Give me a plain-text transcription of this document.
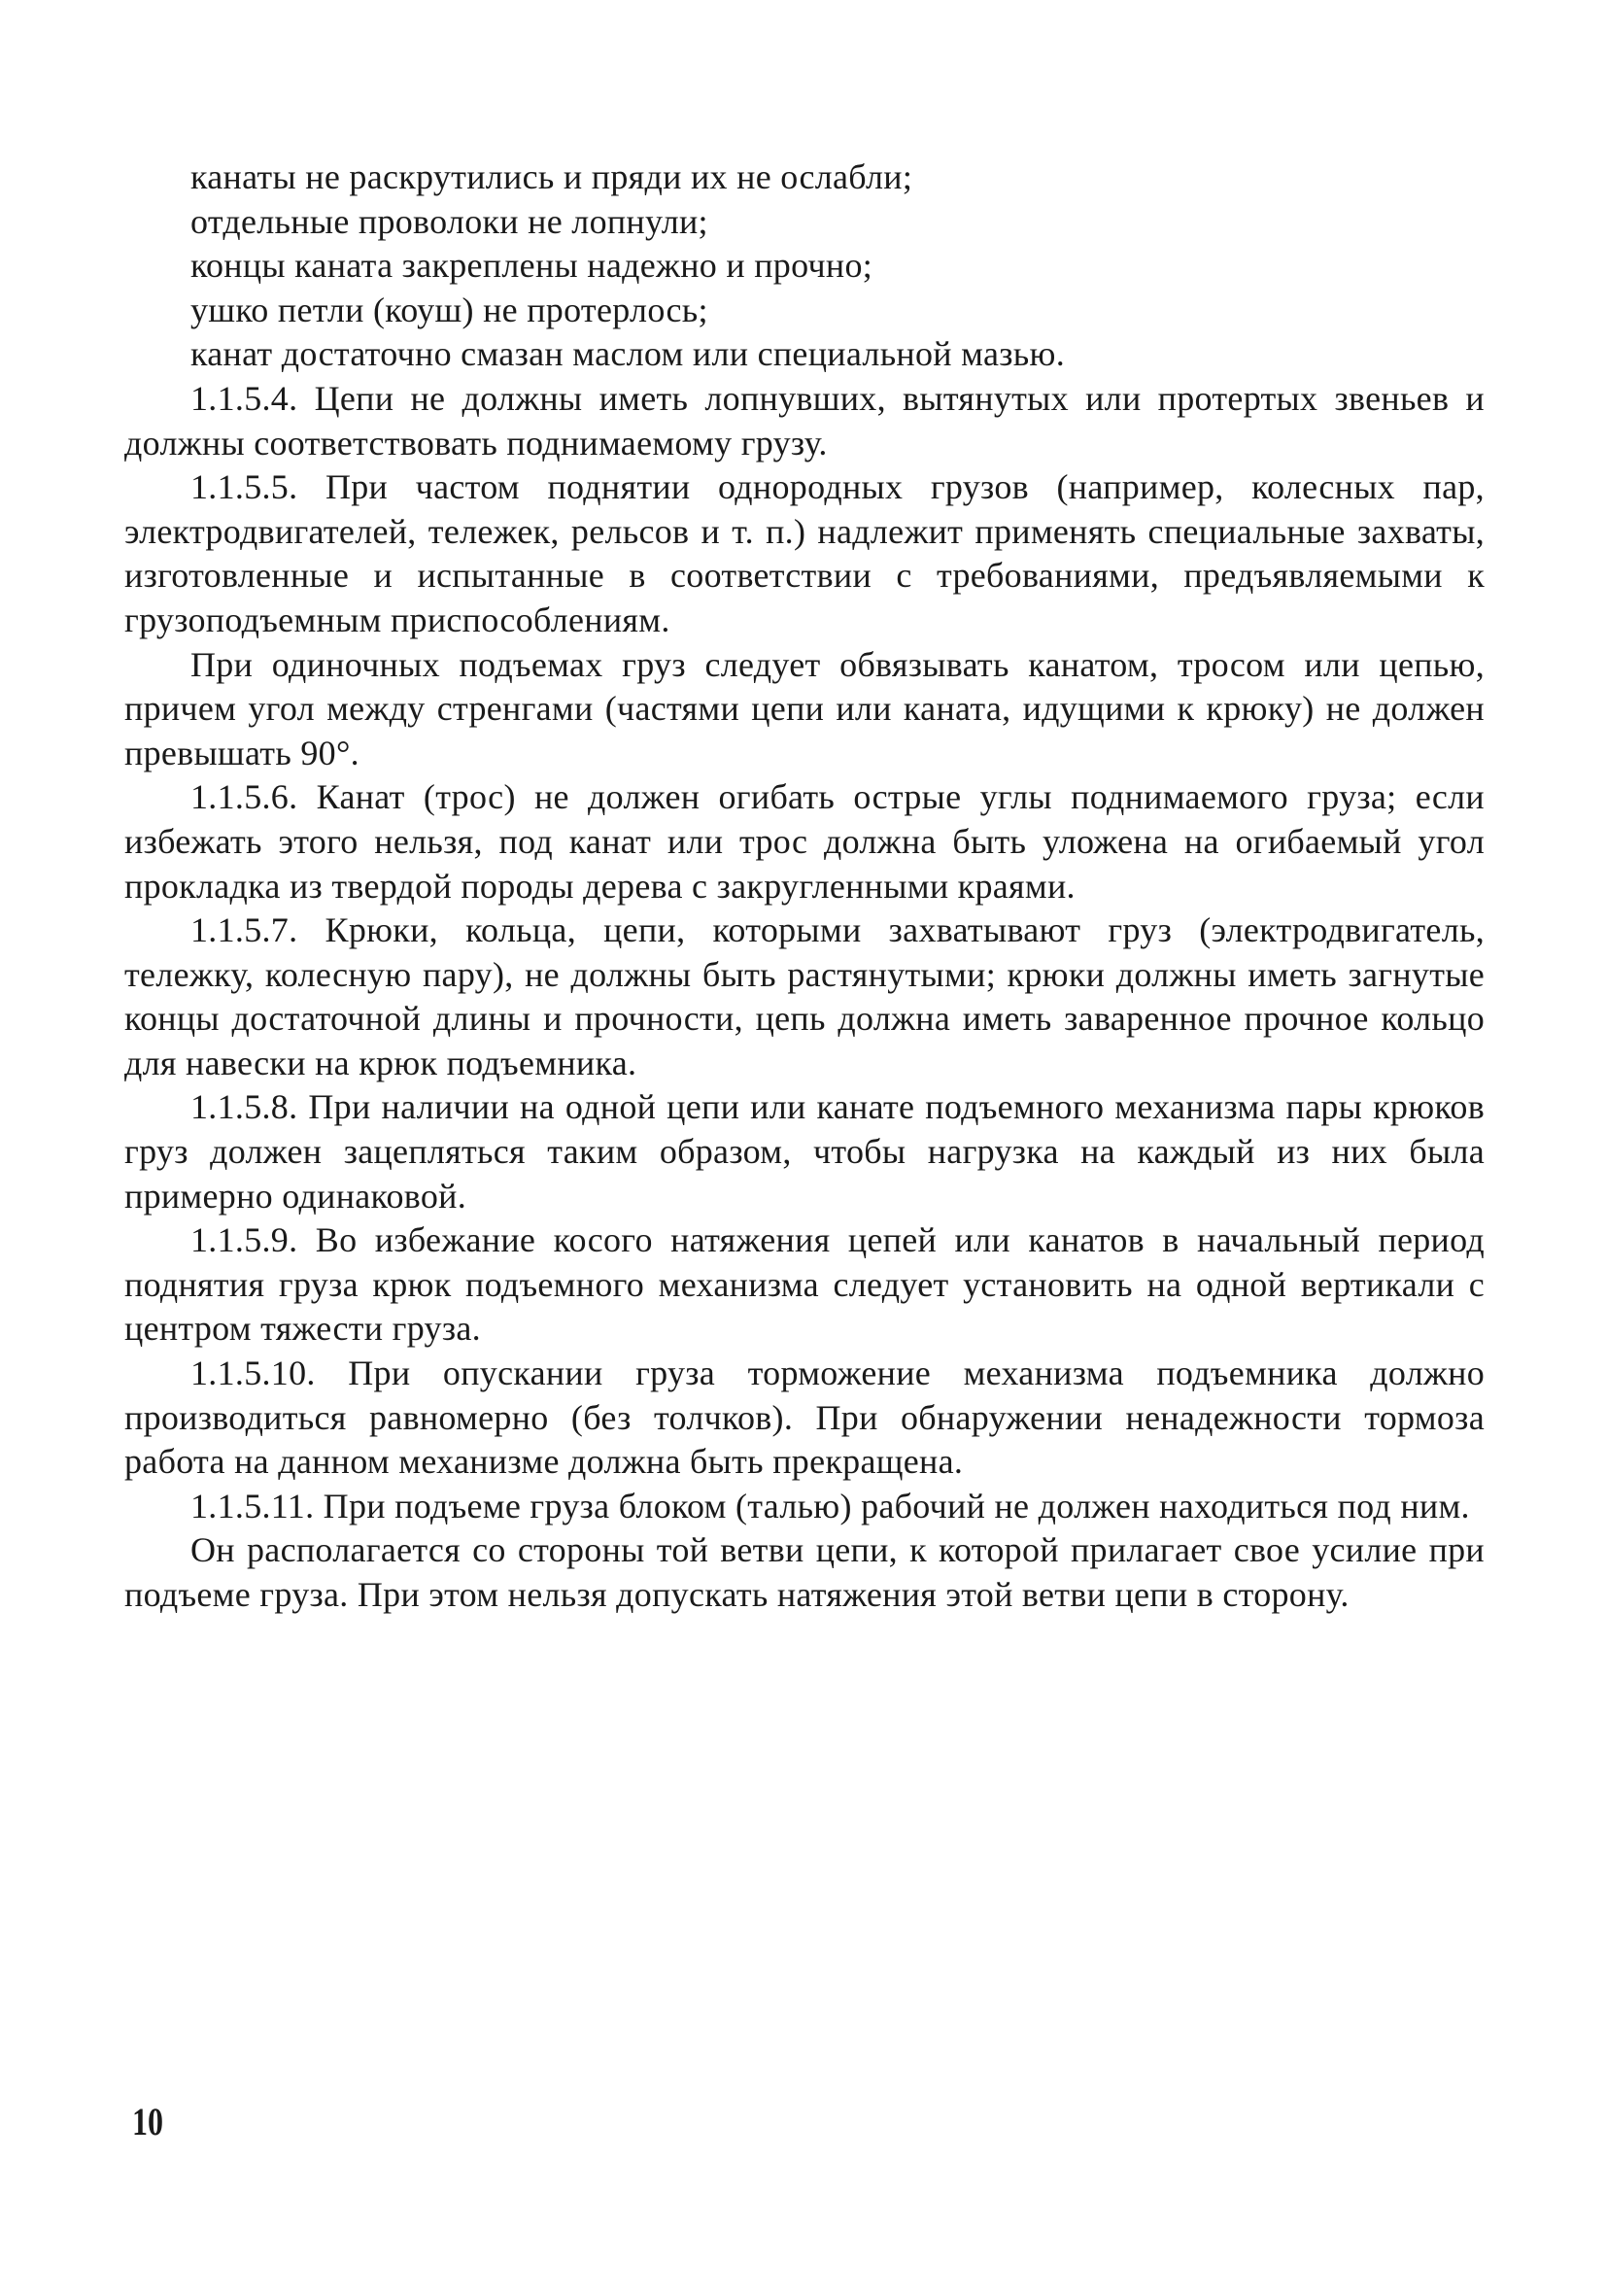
канаты не раскрутились и пряди их не ослабли;

отдельные проволоки не лопнули;

концы каната закреплены надежно и прочно;

ушко петли (коуш) не протерлось;

канат достаточно смазан маслом или специальной мазью.

1.1.5.4. Цепи не должны иметь лопнувших, вытянутых или протертых звеньев и должны соответствовать поднимаемому грузу.

1.1.5.5. При частом поднятии однородных грузов (например, колесных пар, электродвигателей, тележек, рельсов и т. п.) надлежит применять специальные захваты, изготовленные и испытанные в соответствии с требованиями, предъявляемыми к грузоподъемным приспособлениям.

При одиночных подъемах груз следует обвязывать канатом, тросом или цепью, причем угол между стренгами (частями цепи или каната, идущими к крюку) не должен превышать 90°.

1.1.5.6. Канат (трос) не должен огибать острые углы поднимаемого груза; если избежать этого нельзя, под канат или трос должна быть уложена на огибаемый угол прокладка из твердой породы дерева с закругленными краями.

1.1.5.7. Крюки, кольца, цепи, которыми захватывают груз (электродвигатель, тележку, колесную пару), не должны быть растянутыми; крюки должны иметь загнутые концы достаточной длины и прочности, цепь должна иметь заваренное прочное кольцо для навески на крюк подъемника.

1.1.5.8. При наличии на одной цепи или канате подъемного механизма пары крюков груз должен зацепляться таким образом, чтобы нагрузка на каждый из них была примерно одинаковой.

1.1.5.9. Во избежание косого натяжения цепей или канатов в начальный период поднятия груза крюк подъемного механизма следует установить на одной вертикали с центром тяжести груза.

1.1.5.10. При опускании груза торможение механизма подъемника должно производиться равномерно (без толчков). При обнаружении ненадежности тормоза работа на данном механизме должна быть прекращена.

1.1.5.11. При подъеме груза блоком (талью) рабочий не должен находиться под ним.

Он располагается со стороны той ветви цепи, к которой прилагает свое усилие при подъеме груза. При этом нельзя допускать натяжения этой ветви цепи в сторону.

10
